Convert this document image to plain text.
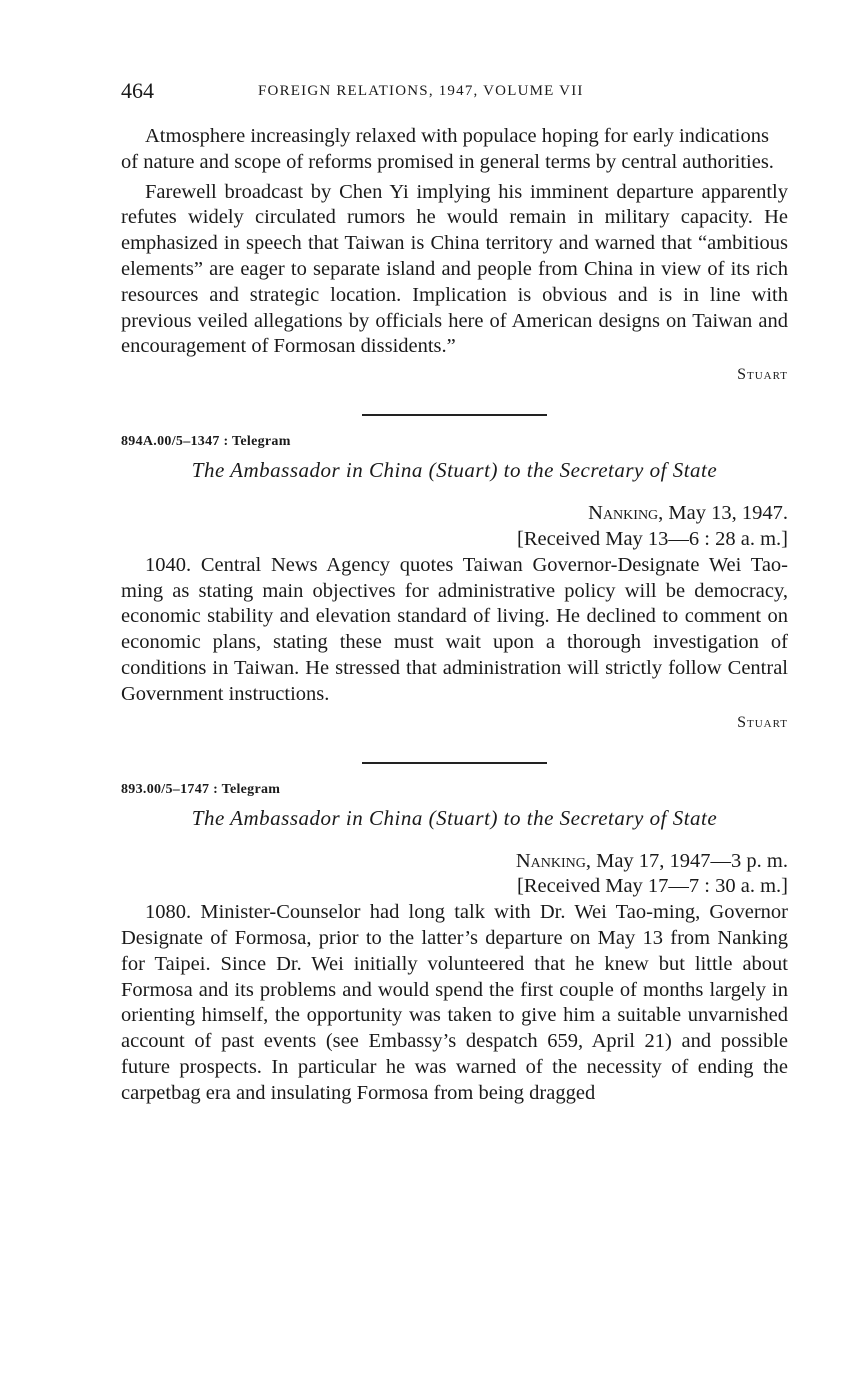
464	FOREIGN RELATIONS, 1947, VOLUME VII

Atmosphere increasingly relaxed with populace hoping for early indications of nature and scope of reforms promised in general terms by central authorities.

Farewell broadcast by Chen Yi implying his imminent departure apparently refutes widely circulated rumors he would remain in military capacity. He emphasized in speech that Taiwan is China territory and warned that “ambitious elements” are eager to separate island and people from China in view of its rich resources and strategic location. Implication is obvious and is in line with previous veiled allegations by officials here of American designs on Taiwan and encouragement of Formosan dissidents.”

Stuart
894A.00/5–1347 : Telegram
The Ambassador in China (Stuart) to the Secretary of State
Nanking, May 13, 1947.
[Received May 13—6 : 28 a. m.]

1040. Central News Agency quotes Taiwan Governor-Designate Wei Tao-ming as stating main objectives for administrative policy will be democracy, economic stability and elevation standard of living. He declined to comment on economic plans, stating these must wait upon a thorough investigation of conditions in Taiwan. He stressed that administration will strictly follow Central Government instructions.

Stuart
893.00/5–1747 : Telegram
The Ambassador in China (Stuart) to the Secretary of State
Nanking, May 17, 1947—3 p. m.
[Received May 17—7 : 30 a. m.]

1080. Minister-Counselor had long talk with Dr. Wei Tao-ming, Governor Designate of Formosa, prior to the latter’s departure on May 13 from Nanking for Taipei. Since Dr. Wei initially volunteered that he knew but little about Formosa and its problems and would spend the first couple of months largely in orienting himself, the opportunity was taken to give him a suitable unvarnished account of past events (see Embassy’s despatch 659, April 21) and possible future prospects. In particular he was warned of the necessity of ending the carpetbag era and insulating Formosa from being dragged
